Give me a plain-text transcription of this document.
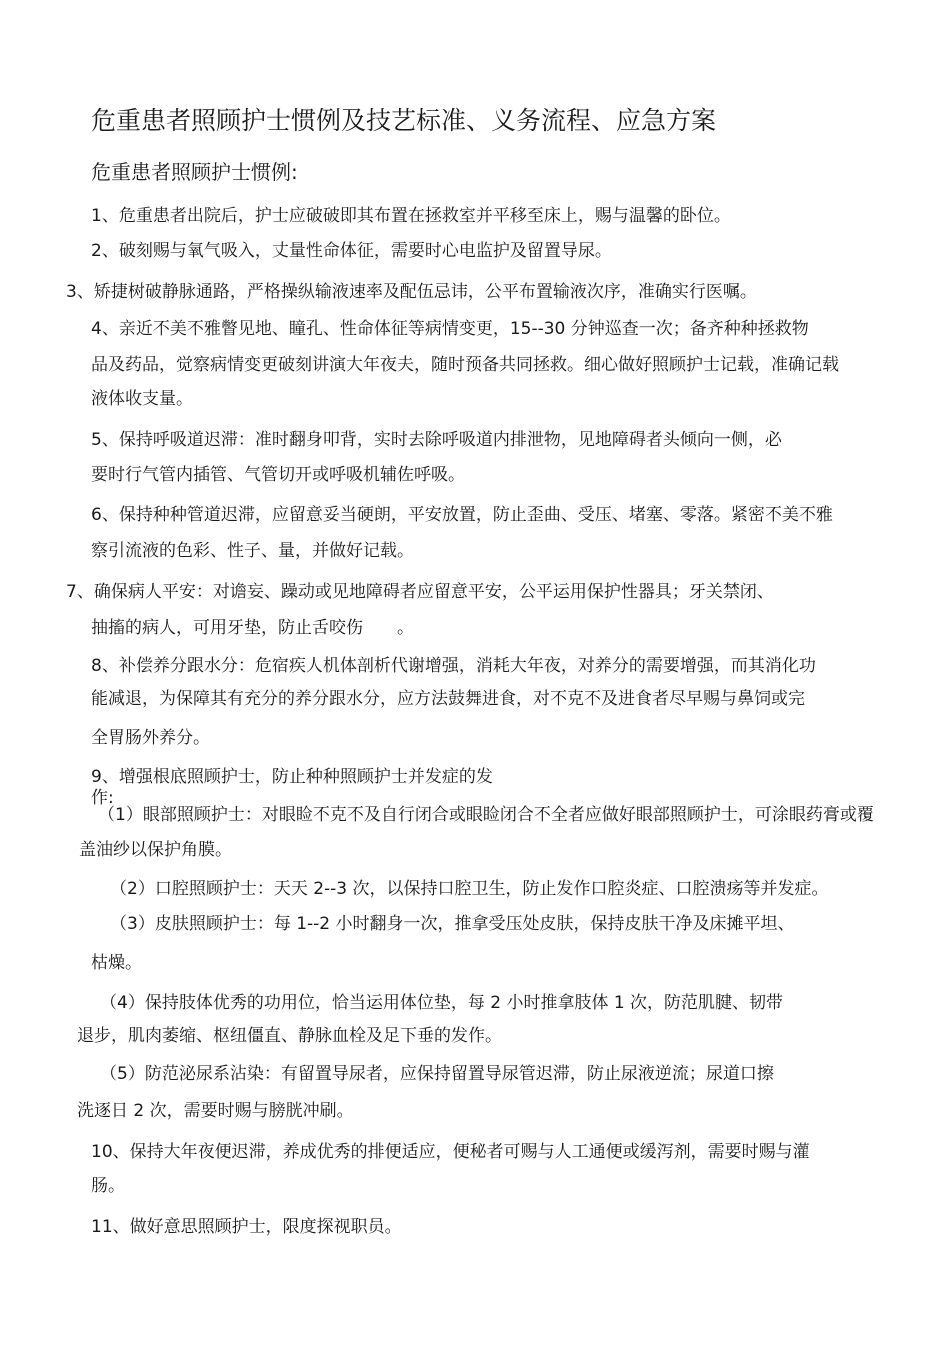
危重患者照顾护士惯例及技艺标准、义务流程、应急方案
危重患者照顾护士惯例:
1、危重患者出院后，护士应破破即其布置在拯救室并平移至床上，赐与温馨的卧位。
2、破刻赐与氧气吸入，丈量性命体征，需要时心电监护及留置导尿。
3、矫捷树破静脉通路，严格操纵输液速率及配伍忌讳，公平布置输液次序，准确实行医嘱。
4、亲近不美不雅瞥见地、瞳孔、性命体征等病情变更，15--30 分钟巡查一次；备齐种种拯救物
品及药品，觉察病情变更破刻讲演大年夜夫，随时预备共同拯救。细心做好照顾护士记载，准确记载
液体收支量。
5、保持呼吸道迟滞：准时翻身叩背，实时去除呼吸道内排泄物，见地障碍者头倾向一侧，必
要时行气管内插管、气管切开或呼吸机辅佐呼吸。
6、保持种种管道迟滞，应留意妥当硬朗，平安放置，防止歪曲、受压、堵塞、零落。紧密不美不雅
察引流液的色彩、性子、量，并做好记载。
7、确保病人平安：对谵妄、躁动或见地障碍者应留意平安，公平运用保护性器具；牙关禁闭、
抽搐的病人，可用牙垫，防止舌咬伤　　。
8、补偿养分跟水分：危宿疾人机体剖析代谢增强，消耗大年夜，对养分的需要增强，而其消化功
能减退，为保障其有充分的养分跟水分，应方法鼓舞进食，对不克不及进食者尽早赐与鼻饲或完
全胃肠外养分。
9、增强根底照顾护士，防止种种照顾护士并发症的发
作:
（1）眼部照顾护士：对眼睑不克不及自行闭合或眼睑闭合不全者应做好眼部照顾护士，可涂眼药膏或覆
盖油纱以保护角膜。
（2）口腔照顾护士：天天 2--3 次，以保持口腔卫生，防止发作口腔炎症、口腔溃疡等并发症。
（3）皮肤照顾护士：每 1--2 小时翻身一次，推拿受压处皮肤，保持皮肤干净及床摊平坦、
枯燥。
（4）保持肢体优秀的功用位，恰当运用体位垫，每 2 小时推拿肢体 1 次，防范肌腱、韧带
退步，肌肉萎缩、枢纽僵直、静脉血栓及足下垂的发作。
（5）防范泌尿系沾染：有留置导尿者，应保持留置导尿管迟滞，防止尿液逆流；尿道口擦
洗逐日 2 次，需要时赐与膀胱冲刷。
10、保持大年夜便迟滞，养成优秀的排便适应，便秘者可赐与人工通便或缓泻剂，需要时赐与灌
肠。
11、做好意思照顾护士，限度探视职员。
